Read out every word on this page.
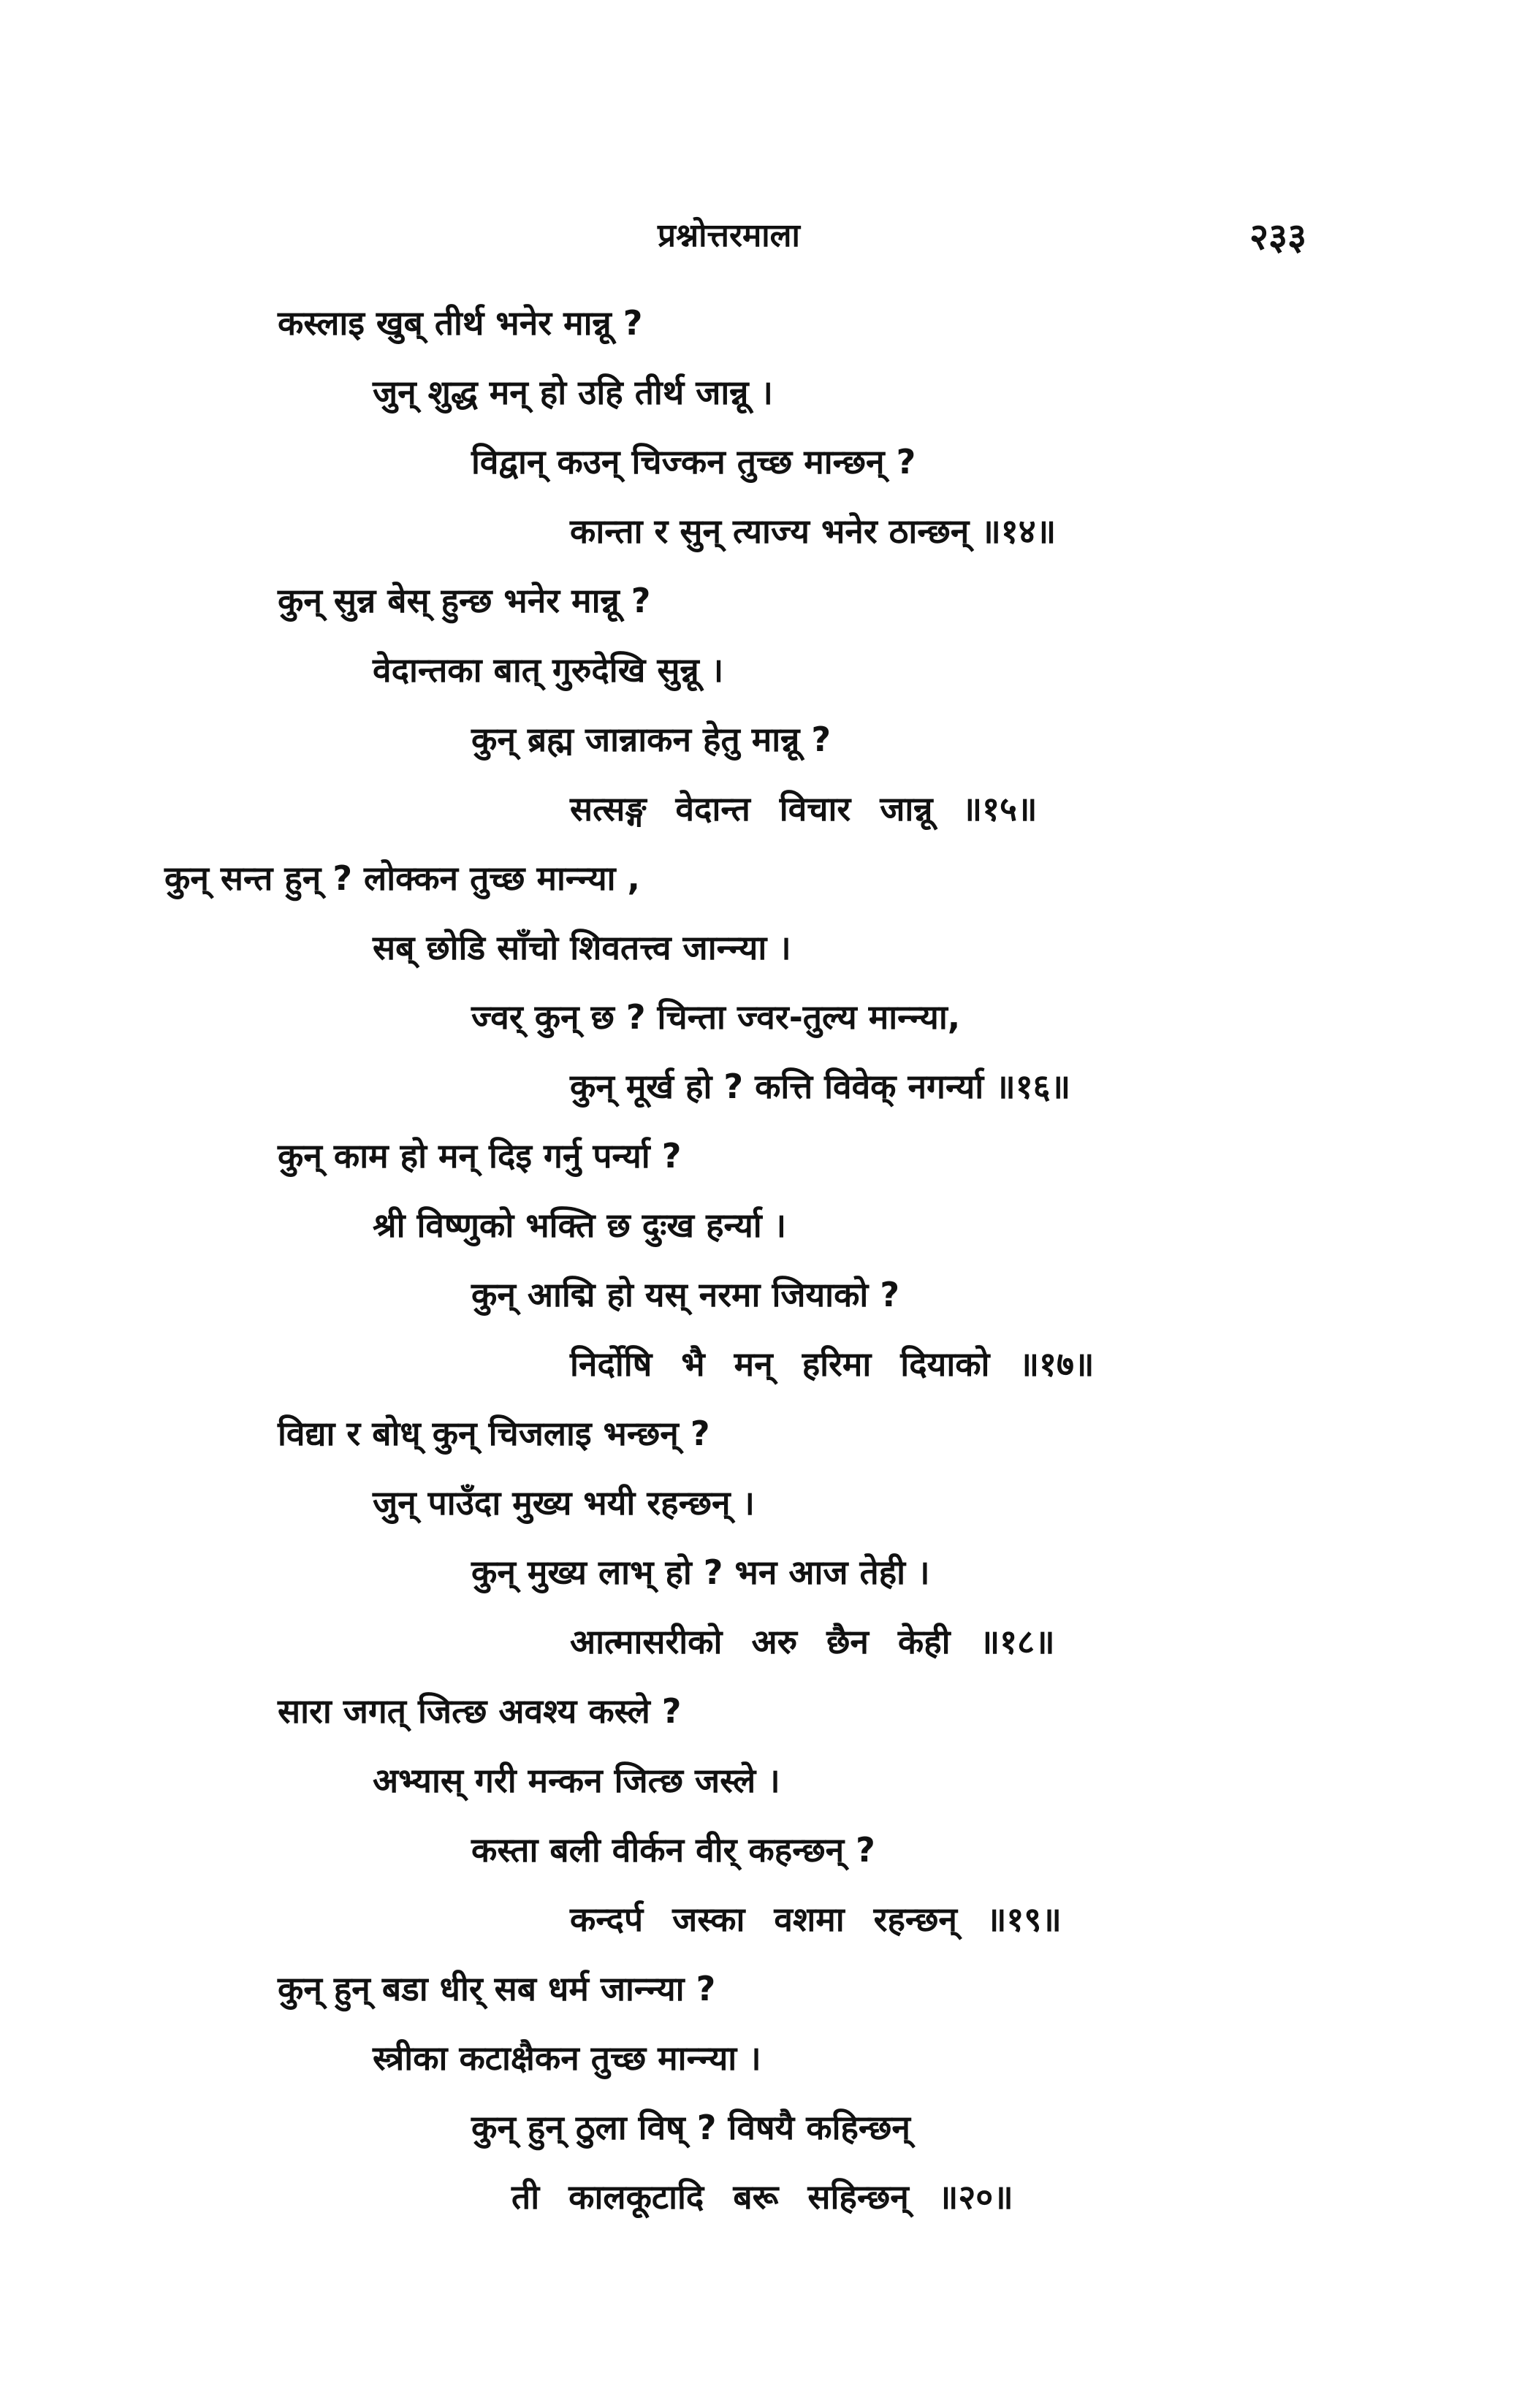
प्रश्नोत्तरमाला	२३३
कस्लाइ खुब् तीर्थ भनेर मान्नू ?
जुन् शुद्ध मन् हो उहि तीर्थ जान्नू ।
विद्वान् कउन् चिज्कन तुच्छ मान्छन् ?
कान्ता र सुन् त्याज्य भनेर ठान्छन् ॥१४॥
कुन् सुन्न बेस् हुन्छ भनेर मान्नू ?
वेदान्तका बात् गुरुदेखि सुन्नू ।
कुन् ब्रह्म जान्नाकन हेतु मान्नू ?
सत्सङ्ग वेदान्त विचार जान्नू ॥१५॥
कुन् सन्त हुन् ? लोक्कन तुच्छ मान्न्या ,
सब् छोडि साँचो शिवतत्त्व जान्न्या ।
ज्वर् कुन् छ ? चिन्ता ज्वर-तुल्य मान्न्या,
कुन् मूर्ख हो ? कत्ति विवेक् नगर्न्या ॥१६॥
कुन् काम हो मन् दिइ गर्नु पर्न्या ?
श्री विष्णुको भक्ति छ दुःख हर्न्या ।
कुन् आद्मि हो यस् नरमा जियाको ?
निर्दोषि भै मन् हरिमा दियाको ॥१७॥
विद्या र बोध् कुन् चिजलाइ भन्छन् ?
जुन् पाउँदा मुख्य भयी रहन्छन् ।
कुन् मुख्य लाभ् हो ? भन आज तेही ।
आत्मासरीको अरु छैन केही ॥१८॥
सारा जगत् जित्छ अवश्य कस्ले ?
अभ्यास् गरी मन्कन जित्छ जस्ले ।
कस्ता बली वीर्कन वीर् कहन्छन् ?
कन्दर्प जस्का वशमा रहन्छन् ॥१९॥
कुन् हुन् बडा धीर् सब धर्म जान्न्या ?
स्त्रीका कटाक्षैकन तुच्छ मान्न्या ।
कुन् हुन् ठुला विष् ? विषयै कहिन्छन्
ती कालकूटादि बरू सहिन्छन् ॥२०॥
